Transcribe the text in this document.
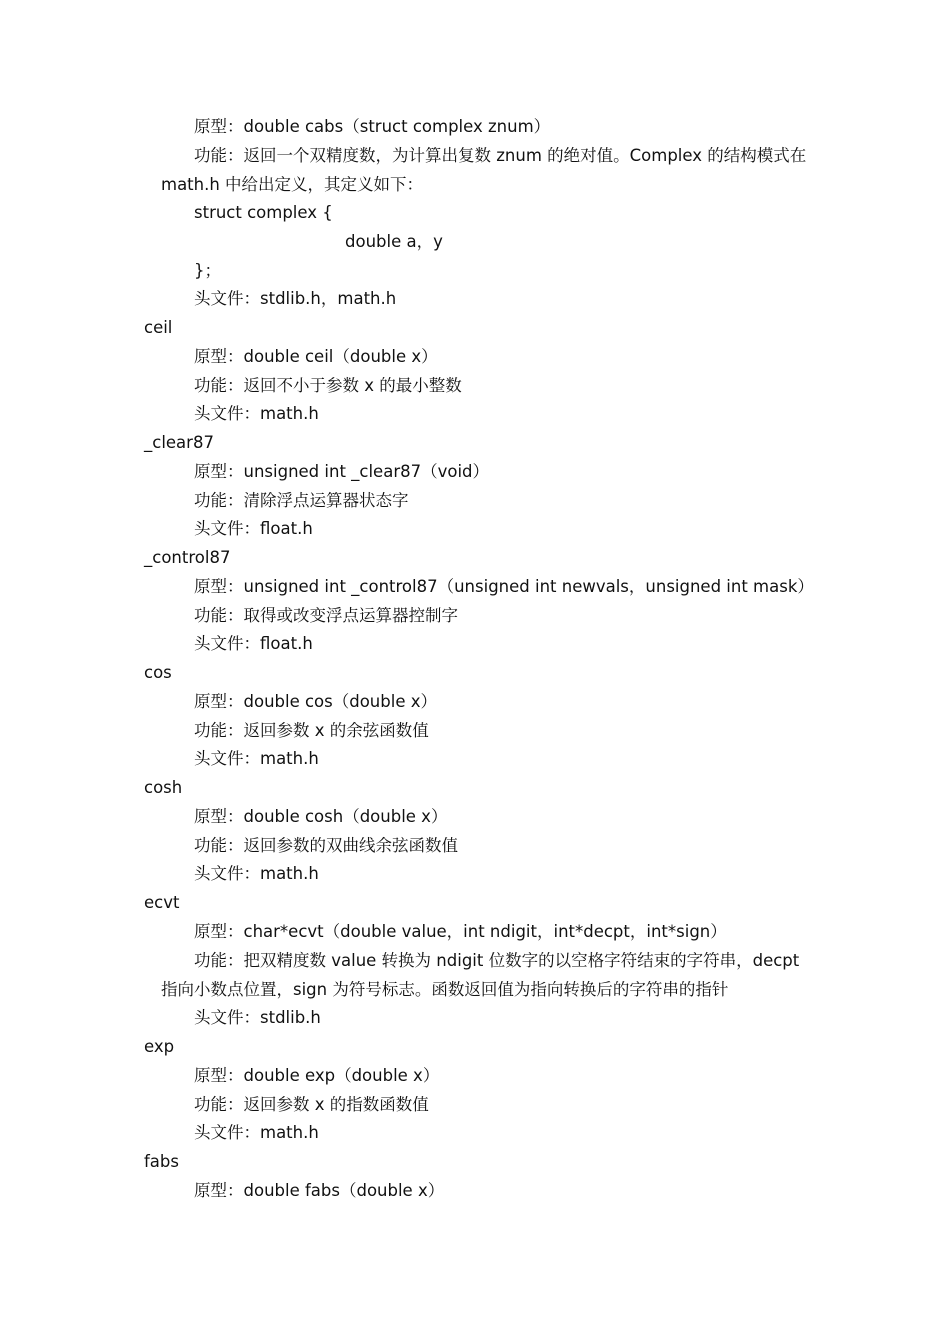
原型：double cabs（struct complex znum）
功能：返回一个双精度数，为计算出复数 znum 的绝对值。Complex 的结构模式在
math.h 中给出定义，其定义如下：
struct complex {
double a，y
}；
头文件：stdlib.h，math.h
ceil
原型：double ceil（double x）
功能：返回不小于参数 x 的最小整数
头文件：math.h
_clear87
原型：unsigned int _clear87（void）
功能：清除浮点运算器状态字
头文件：float.h
_control87
原型：unsigned int _control87（unsigned int newvals，unsigned int mask）
功能：取得或改变浮点运算器控制字
头文件：float.h
cos
原型：double cos（double x）
功能：返回参数 x 的余弦函数值
头文件：math.h
cosh
原型：double cosh（double x）
功能：返回参数的双曲线余弦函数值
头文件：math.h
ecvt
原型：char*ecvt（double value，int ndigit，int*decpt，int*sign）
功能：把双精度数 value 转换为 ndigit 位数字的以空格字符结束的字符串，decpt
指向小数点位置，sign 为符号标志。函数返回值为指向转换后的字符串的指针
头文件：stdlib.h
exp
原型：double exp（double x）
功能：返回参数 x 的指数函数值
头文件：math.h
fabs
原型：double fabs（double x）
